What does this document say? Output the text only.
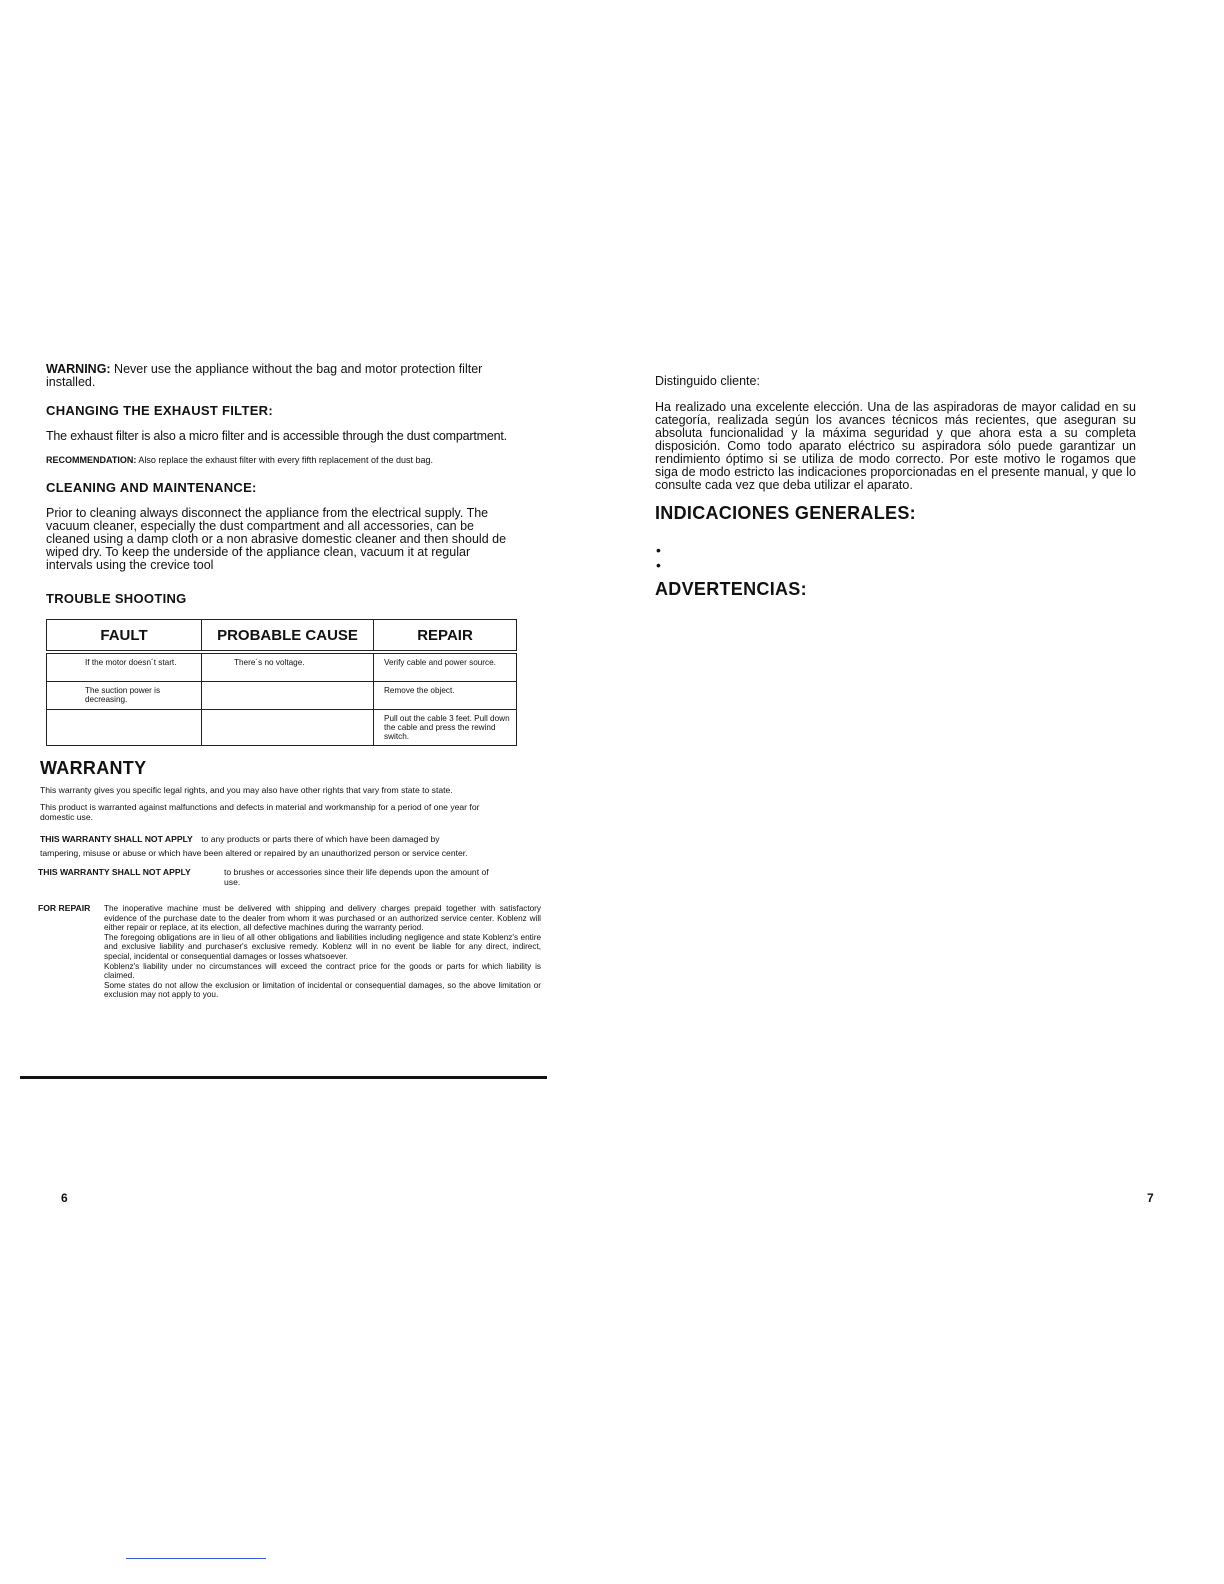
WARNING: Never use the appliance without the bag and motor protection filter installed.
CHANGING THE EXHAUST FILTER:
The exhaust filter is also a micro filter and is accessible through the dust compartment.
RECOMMENDATION: Also replace the exhaust filter with every fifth replacement of the dust bag.
CLEANING AND MAINTENANCE:
Prior to cleaning always disconnect the appliance from the electrical supply. The vacuum cleaner, especially the dust compartment and all accessories, can be cleaned using a damp cloth or a non abrasive domestic cleaner and then should de wiped dry. To keep the underside of the appliance clean, vacuum it at regular intervals using the crevice tool
TROUBLE SHOOTING
FAULT	PROBABLE CAUSE	REPAIR
If the motor doesn´t start.	There´s no voltage.	Verify cable and power source.
The suction power is decreasing.		Remove the object.
		Pull out the cable 3 feet. Pull down the cable and press the rewind switch.
WARRANTY
This warranty gives you specific legal rights, and you may also have other rights that vary from state to state.
This product is warranted against malfunctions and defects in material and workmanship for a period of one year for domestic use.
THIS WARRANTY SHALL NOT APPLY to any products or parts there of which have been damaged by
tampering, misuse or abuse or which have been altered or repaired by an unauthorized person or service center.
THIS WARRANTY SHALL NOT APPLY	to brushes or accessories since their life depends upon the amount of use.
FOR REPAIR The inoperative machine must be delivered with shipping and delivery charges prepaid together with satisfactory evidence of the purchase date to the dealer from whom it was purchased or an authorized service center. Koblenz will either repair or replace, at its election, all defective machines during the warranty period.

The foregoing obligations are in lieu of all other obligations and liabilities including negligence and state Koblenz's entire and exclusive liability and purchaser's exclusive remedy. Koblenz will in no event be liable for any direct, indirect, special, incidental or consequential damages or losses whatsoever.

Koblenz's liability under no circumstances will exceed the contract price for the goods or parts for which liability is claimed.

Some states do not allow the exclusion or limitation of incidental or consequential damages, so the above limitation or exclusion may not apply to you.

6
Distinguido cliente:
Ha realizado una excelente elección. Una de las aspiradoras de mayor calidad en su categoría, realizada según los avances técnicos más recientes, que aseguran su absoluta funcionalidad y la máxima seguridad y que ahora esta a su completa disposición. Como todo aparato eléctrico su aspiradora sólo puede garantizar un rendimiento óptimo si se utiliza de modo correcto. Por este motivo le rogamos que siga de modo estricto las indicaciones proporcionadas en el presente manual, y que lo consulte cada vez que deba utilizar el aparato.
INDICACIONES GENERALES:
•
•
ADVERTENCIAS:
7
